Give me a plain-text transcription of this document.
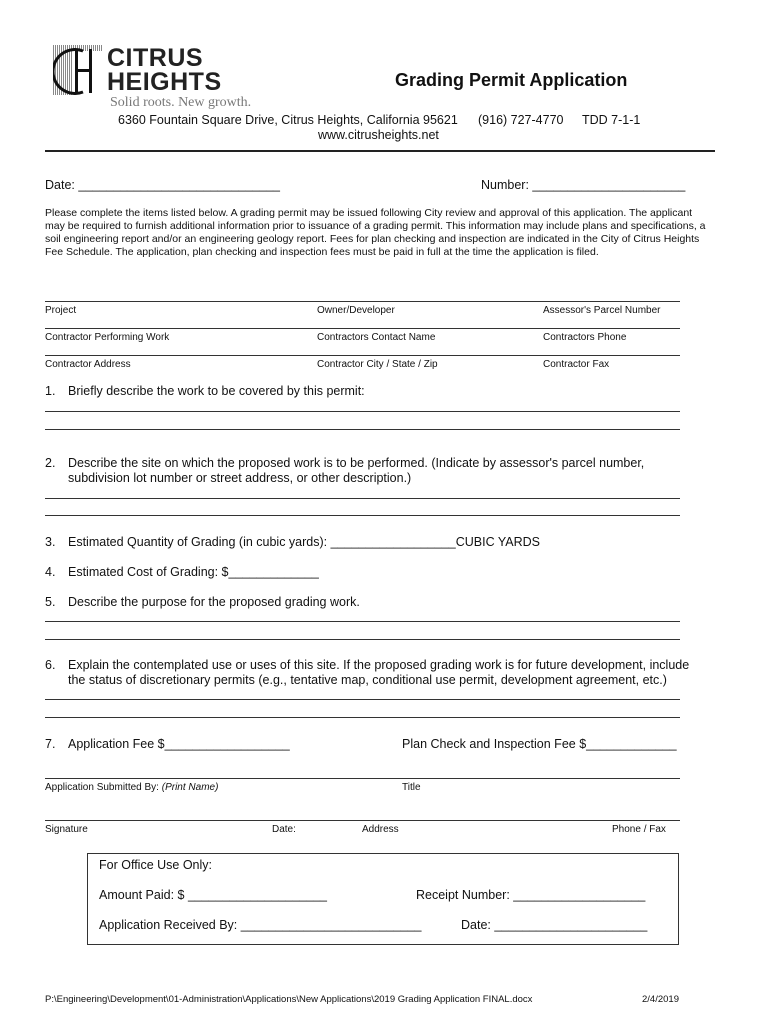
CITRUS
HEIGHTS
Solid roots. New growth.
Grading Permit Application
6360 Fountain Square Drive, Citrus Heights, California 95621 (916) 727-4770 TDD 7-1-1
www.citrusheights.net
Date: _____________________________	Number: ______________________
Please complete the items listed below. A grading permit may be issued following City review and approval of this application. The applicant may be required to furnish additional information prior to issuance of a grading permit. This information may include plans and specifications, a soil engineering report and/or an engineering geology report. Fees for plan checking and inspection are indicated in the City of Citrus Heights Fee Schedule. The application, plan checking and inspection fees must be paid in full at the time the application is filed.
Project	Owner/Developer	Assessor's Parcel Number
Contractor Performing Work	Contractors Contact Name	Contractors Phone
Contractor Address	Contractor City / State / Zip	Contractor Fax
1. Briefly describe the work to be covered by this permit:
2. Describe the site on which the proposed work is to be performed. (Indicate by assessor's parcel number,
subdivision lot number or street address, or other description.)
3. Estimated Quantity of Grading (in cubic yards): __________________CUBIC YARDS
4. Estimated Cost of Grading: $_____________
5. Describe the purpose for the proposed grading work.
6. Explain the contemplated use or uses of this site. If the proposed grading work is for future development, include
the status of discretionary permits (e.g., tentative map, conditional use permit, development agreement, etc.)
7. Application Fee $__________________	Plan Check and Inspection Fee $_____________
Application Submitted By: (Print Name)	Title
Signature	Date:	Address	Phone / Fax
For Office Use Only:
Amount Paid: $ ____________________	Receipt Number: ___________________
Application Received By: __________________________	Date: ______________________
P:\Engineering\Development\01-Administration\Applications\New Applications\2019 Grading Application FINAL.docx	2/4/2019
